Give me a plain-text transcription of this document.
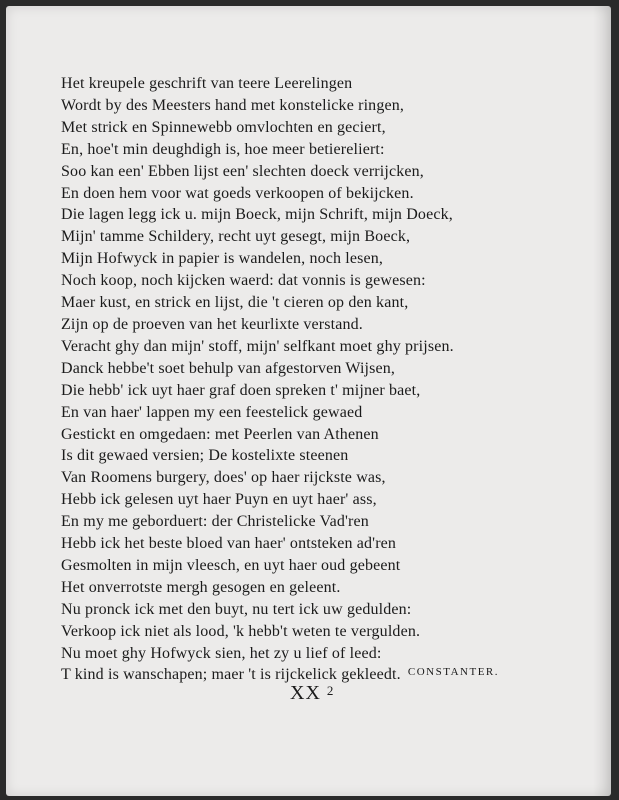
Het kreupele geschrift van teere Leerelingen
Wordt by des Meesters hand met konstelicke ringen,
Met strick en Spinnewebb omvlochten en geciert,
En, hoe't min deughdigh is, hoe meer betiereliert:
Soo kan een' Ebben lijst een' slechten doeck verrijcken,
En doen hem voor wat goeds verkoopen of bekijcken.
Die lagen legg ick u. mijn Boeck, mijn Schrift, mijn Doeck,
Mijn' tamme Schildery, recht uyt gesegt, mijn Boeck,
Mijn Hofwyck in papier is wandelen, noch lesen,
Noch koop, noch kijcken waerd: dat vonnis is gewesen:
Maer kust, en strick en lijst, die 't cieren op den kant,
Zijn op de proeven van het keurlixte verstand.
Veracht ghy dan mijn' stoff, mijn' selfkant moet ghy prijsen.
Danck hebbe't soet behulp van afgestorven Wijsen,
Die hebb' ick uyt haer graf doen spreken t' mijner baet,
En van haer' lappen my een feestelick gewaed
Gestickt en omgedaen: met Peerlen van Athenen
Is dit gewaed versien; De kostelixte steenen
Van Roomens burgery, does' op haer rijckste was,
Hebb ick gelesen uyt haer Puyn en uyt haer' ass,
En my me geborduert: der Christelicke Vad'ren
Hebb ick het beste bloed van haer' ontsteken ad'ren
Gesmolten in mijn vleesch, en uyt haer oud gebeent
Het onverrotste mergh gesogen en geleent.
Nu pronck ick met den buyt, nu tert ick uw gedulden:
Verkoop ick niet als lood, 'k hebb't weten te vergulden.
Nu moet ghy Hofwyck sien, het zy u lief of leed:
T kind is wanschapen; maer 't is rijckelick gekleedt. CONSTANTER.
XX $^2$
